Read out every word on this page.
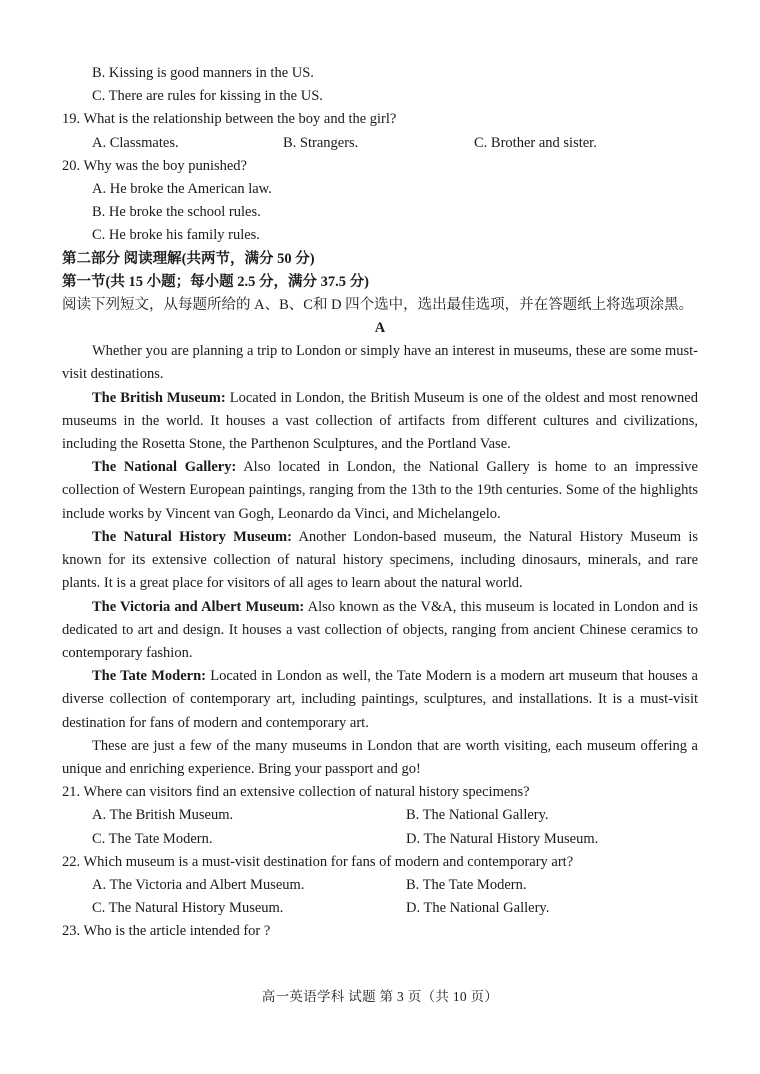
B. Kissing is good manners in the US.
C. There are rules for kissing in the US.
19. What is the relationship between the boy and the girl?
A. Classmates.	B. Strangers.	C. Brother and sister.
20. Why was the boy punished?
A. He broke the American law.
B. He broke the school rules.
C. He broke his family rules.
第二部分 阅读理解(共两节，满分 50 分)
第一节(共 15 小题；每小题 2.5 分，满分 37.5 分)
阅读下列短文，从每题所给的 A、B、C和 D 四个选中，选出最佳选项，并在答题纸上将选项涂黑。
A
Whether you are planning a trip to London or simply have an interest in museums, these are some must-visit destinations.
The British Museum: Located in London, the British Museum is one of the oldest and most renowned museums in the world. It houses a vast collection of artifacts from different cultures and civilizations, including the Rosetta Stone, the Parthenon Sculptures, and the Portland Vase.
The National Gallery: Also located in London, the National Gallery is home to an impressive collection of Western European paintings, ranging from the 13th to the 19th centuries. Some of the highlights include works by Vincent van Gogh, Leonardo da Vinci, and Michelangelo.
The Natural History Museum: Another London-based museum, the Natural History Museum is known for its extensive collection of natural history specimens, including dinosaurs, minerals, and rare plants. It is a great place for visitors of all ages to learn about the natural world.
The Victoria and Albert Museum: Also known as the V&A, this museum is located in London and is dedicated to art and design. It houses a vast collection of objects, ranging from ancient Chinese ceramics to contemporary fashion.
The Tate Modern: Located in London as well, the Tate Modern is a modern art museum that houses a diverse collection of contemporary art, including paintings, sculptures, and installations. It is a must-visit destination for fans of modern and contemporary art.
These are just a few of the many museums in London that are worth visiting, each museum offering a unique and enriching experience. Bring your passport and go!
21. Where can visitors find an extensive collection of natural history specimens?
A. The British Museum.	B. The National Gallery.
C. The Tate Modern.	D. The Natural History Museum.
22. Which museum is a must-visit destination for fans of modern and contemporary art?
A. The Victoria and Albert Museum.	B. The Tate Modern.
C. The Natural History Museum.	D. The National Gallery.
23. Who is the article intended for ?
高一英语学科 试题 第 3 页（共 10 页）
